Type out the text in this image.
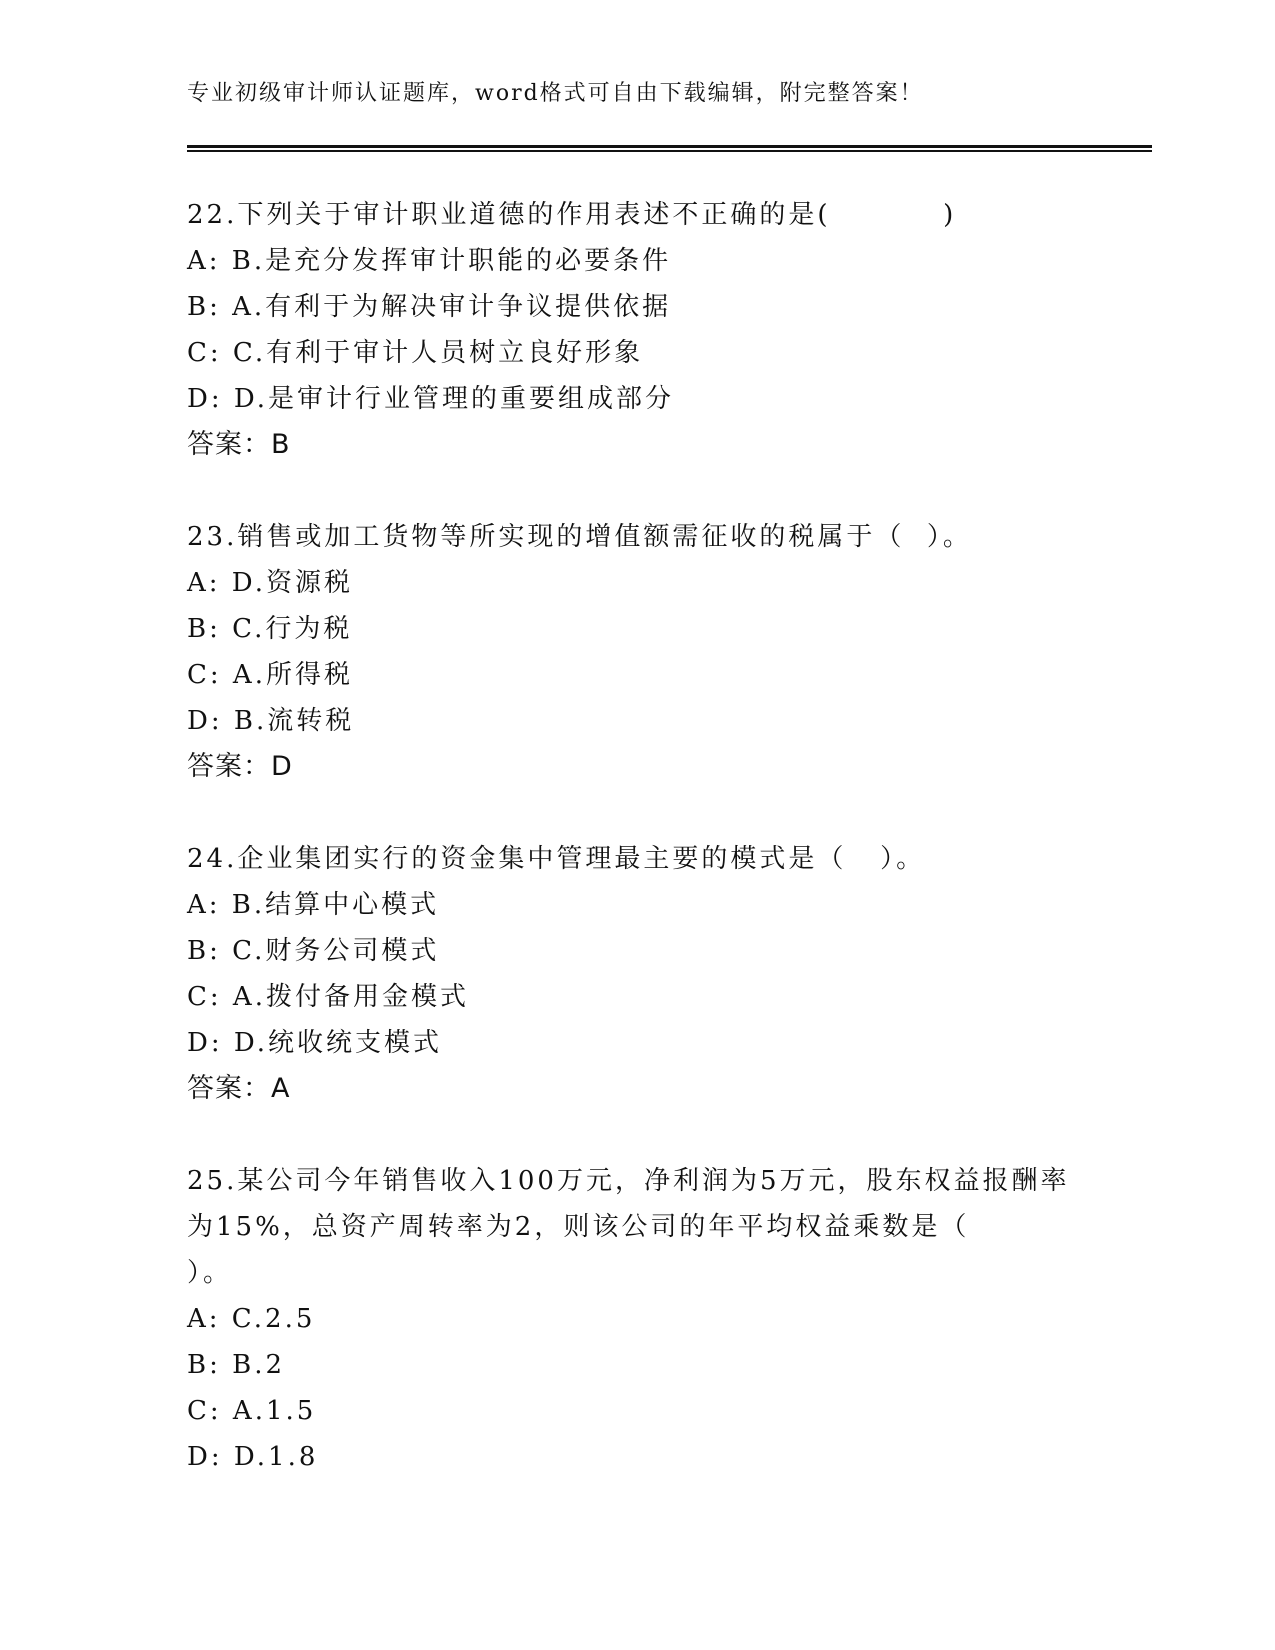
专业初级审计师认证题库，word格式可自由下载编辑，附完整答案！
22.下列关于审计职业道德的作用表述不正确的是(          )
A: B.是充分发挥审计职能的必要条件
B: A.有利于为解决审计争议提供依据
C: C.有利于审计人员树立良好形象
D: D.是审计行业管理的重要组成部分
答案：B
23.销售或加工货物等所实现的增值额需征收的税属于（  ）。
A: D.资源税
B: C.行为税
C: A.所得税
D: B.流转税
答案：D
24.企业集团实行的资金集中管理最主要的模式是（   ）。
A: B.结算中心模式
B: C.财务公司模式
C: A.拨付备用金模式
D: D.统收统支模式
答案：A
25.某公司今年销售收入100万元，净利润为5万元，股东权益报酬率
为15%，总资产周转率为2，则该公司的年平均权益乘数是（
）。
A: C.2.5
B: B.2
C: A.1.5
D: D.1.8
